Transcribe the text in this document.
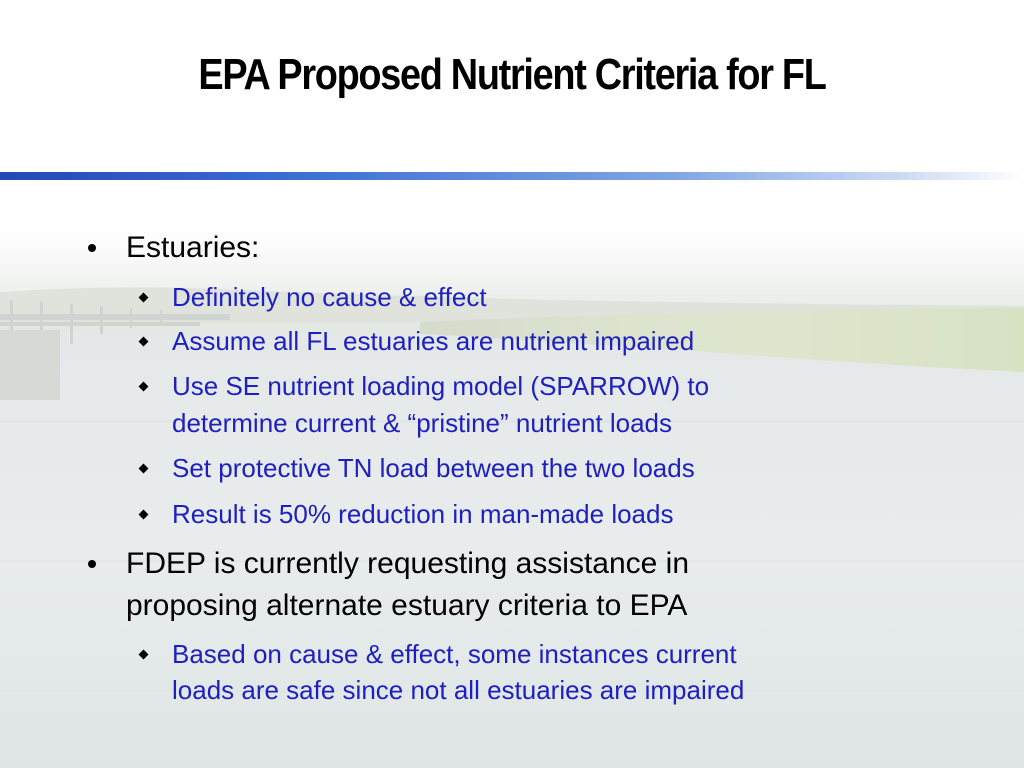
EPA Proposed Nutrient Criteria for FL
Estuaries:
Definitely no cause & effect
Assume all FL estuaries are nutrient impaired
Use SE nutrient loading model (SPARROW) to
determine current & “pristine” nutrient loads
Set protective TN load between the two loads
Result is 50% reduction in man-made loads
FDEP is currently requesting assistance in
proposing alternate estuary criteria to EPA
Based on cause & effect, some instances current
loads are safe since not all estuaries are impaired
